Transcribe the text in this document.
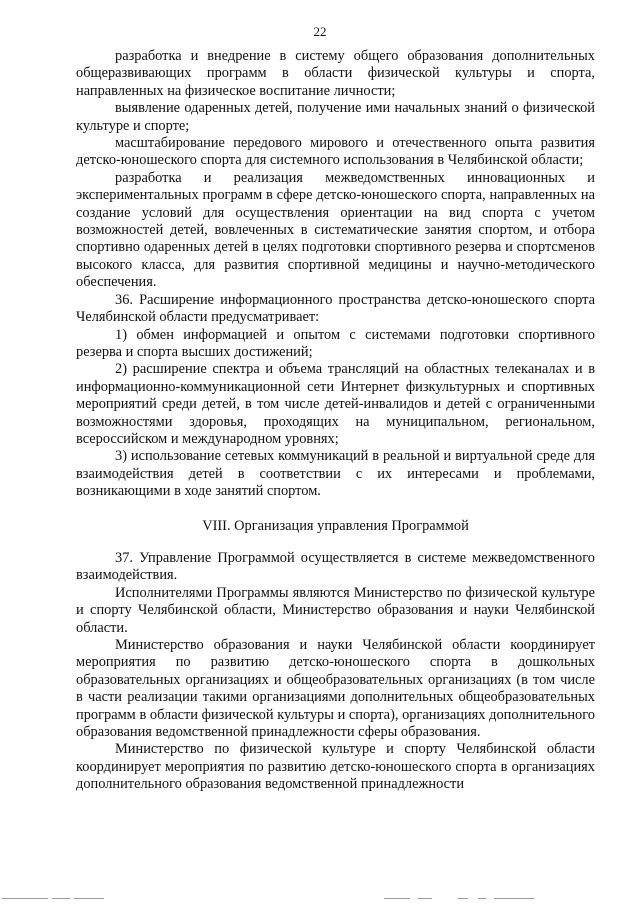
22

разработка и внедрение в систему общего образования дополнительных общеразвивающих программ в области физической культуры и спорта, направленных на физическое воспитание личности;

выявление одаренных детей, получение ими начальных знаний о физической культуре и спорте;

масштабирование передового мирового и отечественного опыта развития детско-юношеского спорта для системного использования в Челябинской области;

разработка и реализация межведомственных инновационных и экспериментальных программ в сфере детско-юношеского спорта, направленных на создание условий для осуществления ориентации на вид спорта с учетом возможностей детей, вовлеченных в систематические занятия спортом, и отбора спортивно одаренных детей в целях подготовки спортивного резерва и спортсменов высокого класса, для развития спортивной медицины и научно-методического обеспечения.

36. Расширение информационного пространства детско-юношеского спорта Челябинской области предусматривает:

1) обмен информацией и опытом с системами подготовки спортивного резерва и спорта высших достижений;

2) расширение спектра и объема трансляций на областных телеканалах и в информационно-коммуникационной сети Интернет физкультурных и спортивных мероприятий среди детей, в том числе детей-инвалидов и детей с ограниченными возможностями здоровья, проходящих на муниципальном, региональном, всероссийском и международном уровнях;

3) использование сетевых коммуникаций в реальной и виртуальной среде для взаимодействия детей в соответствии с их интересами и проблемами, возникающими в ходе занятий спортом.

VIII. Организация управления Программой

37. Управление Программой осуществляется в системе межведомственного взаимодействия.

Исполнителями Программы являются Министерство по физической культуре и спорту Челябинской области, Министерство образования и науки Челябинской области.

Министерство образования и науки Челябинской области координирует мероприятия по развитию детско-юношеского спорта в дошкольных образовательных организациях и общеобразовательных организациях (в том числе в части реализации такими организациями дополнительных общеобразовательных программ в области физической культуры и спорта), организациях дополнительного образования ведомственной принадлежности сферы образования.

Министерство по физической культуре и спорту Челябинской области координирует мероприятия по развитию детско-юношеского спорта в организациях дополнительного образования ведомственной принадлежности
